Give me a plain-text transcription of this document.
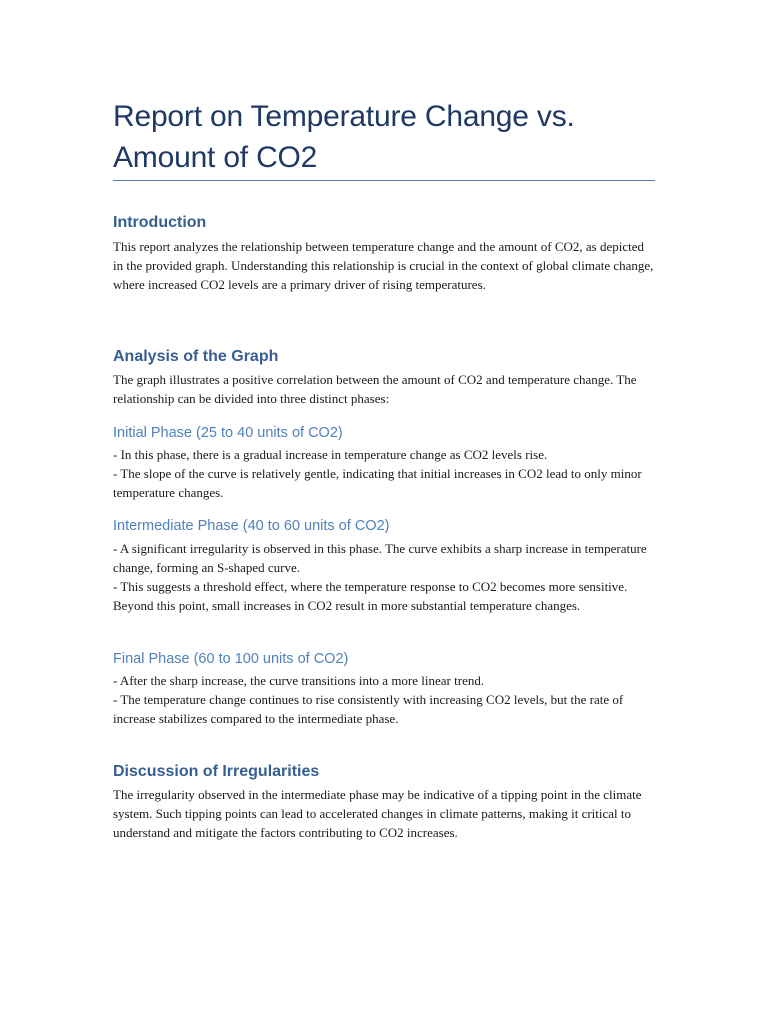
Report on Temperature Change vs. Amount of CO2
Introduction

This report analyzes the relationship between temperature change and the amount of CO2, as depicted in the provided graph. Understanding this relationship is crucial in the context of global climate change, where increased CO2 levels are a primary driver of rising temperatures.

Analysis of the Graph

The graph illustrates a positive correlation between the amount of CO2 and temperature change. The relationship can be divided into three distinct phases:

Initial Phase (25 to 40 units of CO2)

- In this phase, there is a gradual increase in temperature change as CO2 levels rise.

- The slope of the curve is relatively gentle, indicating that initial increases in CO2 lead to only minor temperature changes.

Intermediate Phase (40 to 60 units of CO2)

- A significant irregularity is observed in this phase. The curve exhibits a sharp increase in temperature change, forming an S-shaped curve.

- This suggests a threshold effect, where the temperature response to CO2 becomes more sensitive. Beyond this point, small increases in CO2 result in more substantial temperature changes.

Final Phase (60 to 100 units of CO2)

- After the sharp increase, the curve transitions into a more linear trend.

- The temperature change continues to rise consistently with increasing CO2 levels, but the rate of increase stabilizes compared to the intermediate phase.

Discussion of Irregularities

The irregularity observed in the intermediate phase may be indicative of a tipping point in the climate system. Such tipping points can lead to accelerated changes in climate patterns, making it critical to understand and mitigate the factors contributing to CO2 increases.
